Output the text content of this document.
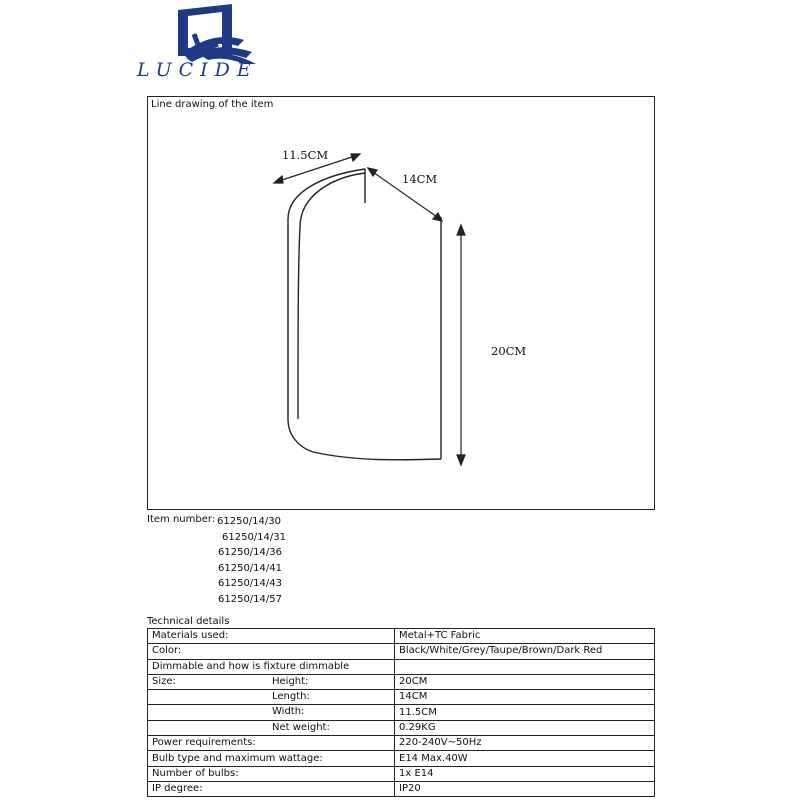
LUCIDE
Line drawing of the item
11.5CM
14CM
20CM
Item number: 61250/14/30
61250/14/31
61250/14/36
61250/14/41
61250/14/43
61250/14/57
Technical details
Materials used:	Metal+TC Fabric
Color:	Black/White/Grey/Taupe/Brown/Dark Red
Dimmable and how is fixture dimmable	
Size: Height:	20CM

Length:	14CM

Width:	11.5CM

Net weight:	0.29KG
Power requirements:	220-240V~50Hz
Bulb type and maximum wattage:	E14 Max.40W
Number of bulbs:	1x E14
IP degree:	IP20
